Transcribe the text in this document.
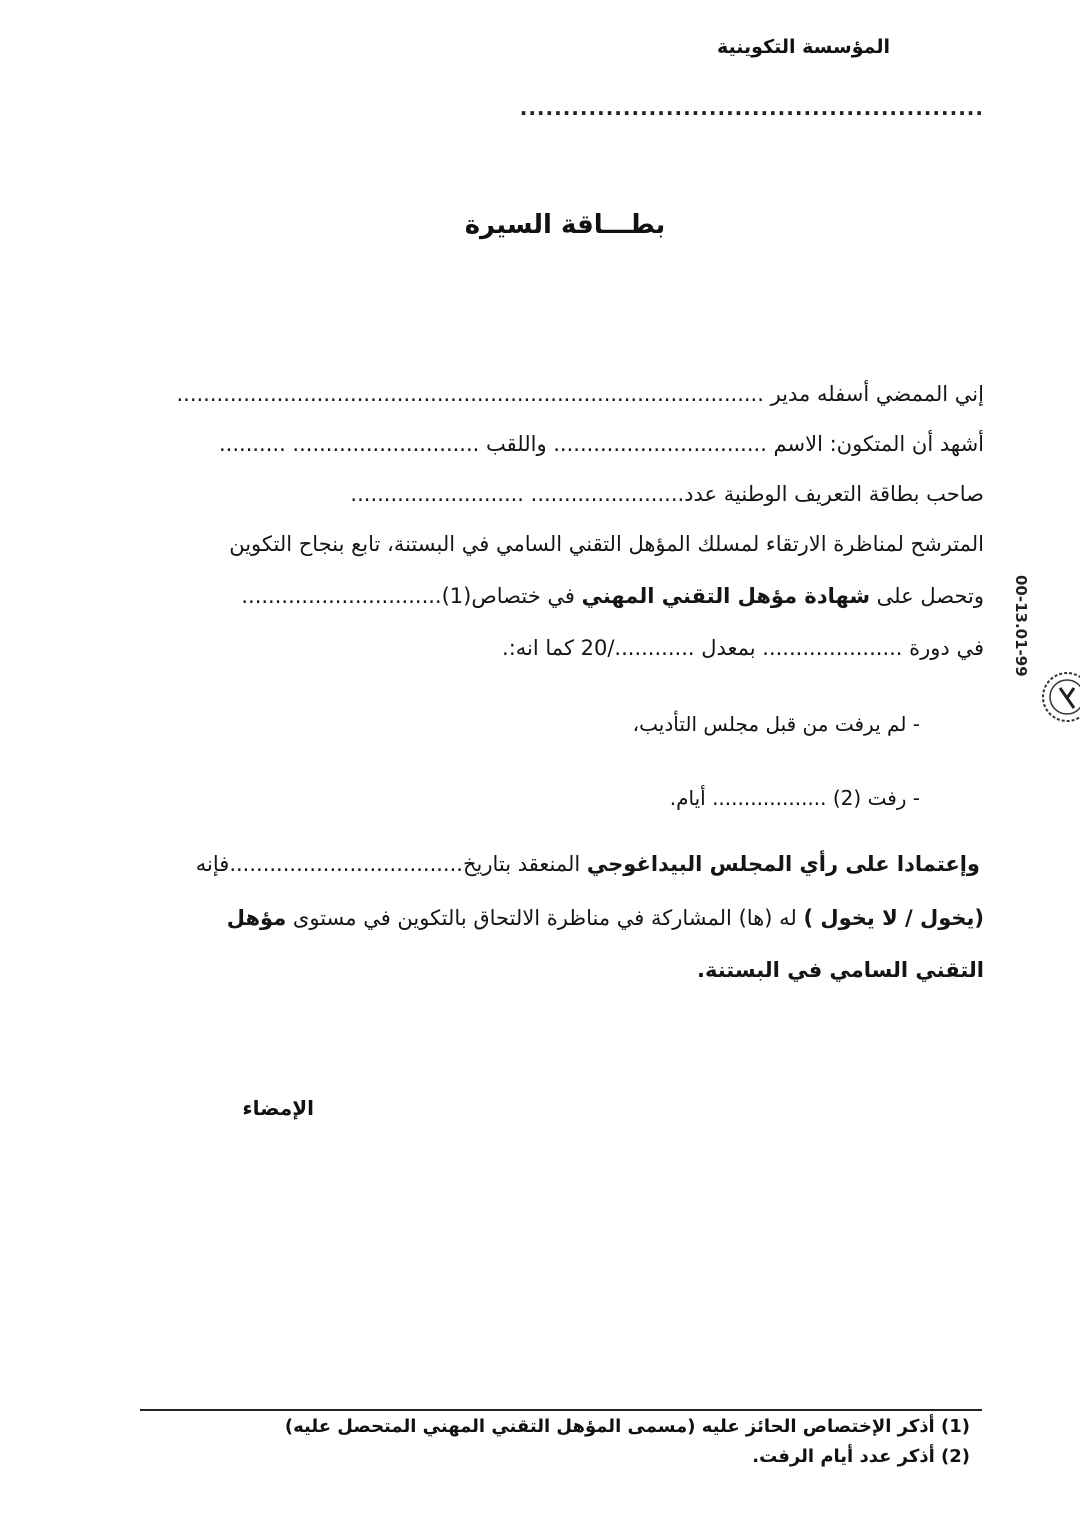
المؤسسة التكوينية
......................................................
بطـــاقة السيرة
إني الممضي أسفله مدير ........................................................................................
أشهد أن المتكون: الاسم ................................ واللقب ............................ ..........
صاحب بطاقة التعريف الوطنية عدد....................... ..........................
المترشح لمناظرة الارتقاء لمسلك المؤهل التقني السامي في البستنة، تابع بنجاح التكوين
وتحصل على شهادة مؤهل التقني المهني في ختصاص(1)..............................
في دورة ..................... بمعدل ............/20 كما انه:.
- لم يرفت من قبل مجلس التأديب،
- رفت (2) .................. أيام.
وإعتمادا على رأي المجلس البيداغوجي المنعقد بتاريخ...................................فإنه
(يخول / لا يخول ) له (ها) المشاركة في مناظرة الالتحاق بالتكوين في مستوى مؤهل
التقني السامي في البستنة.
الإمضاء
(1) أذكر الإختصاص الحائز عليه (مسمى المؤهل التقني المهني المتحصل عليه)
(2) أذكر عدد أيام الرفت.
00-13.01-99
